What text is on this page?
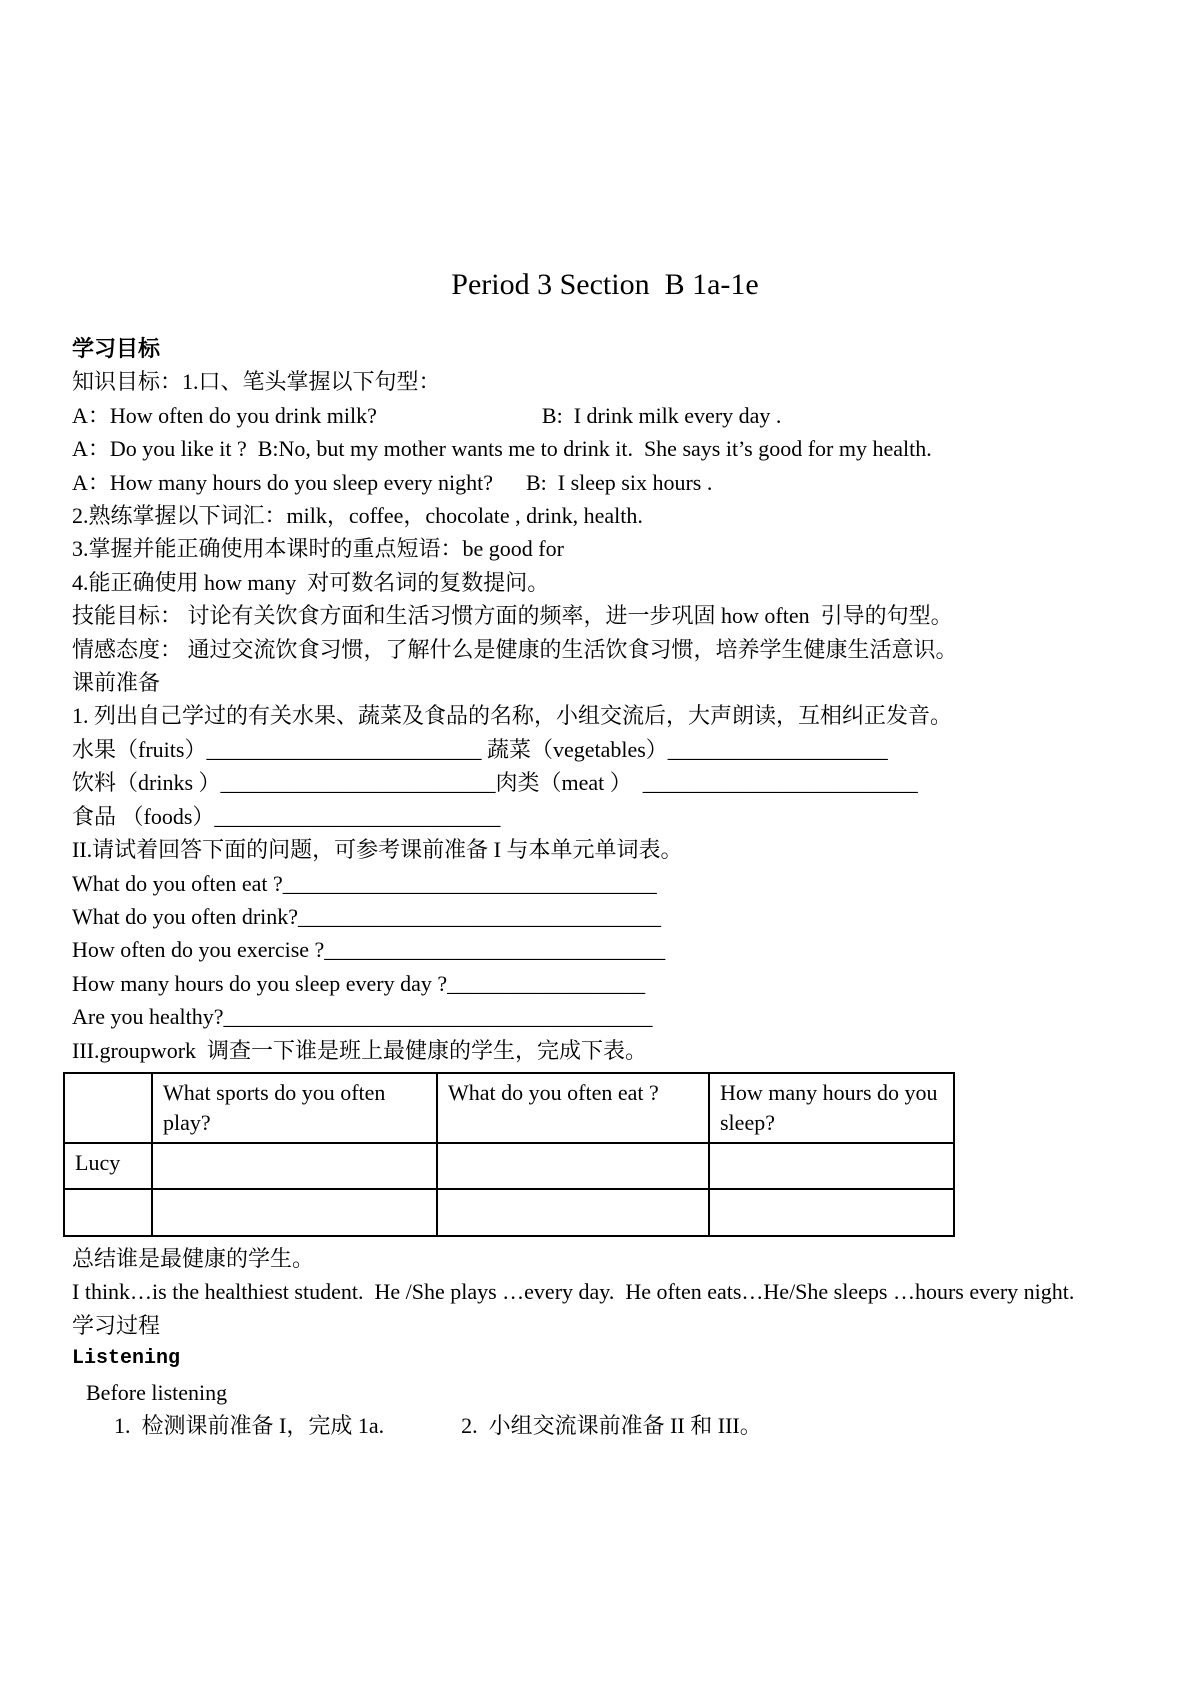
Period 3 Section  B 1a-1e

学习目标

知识目标：1.口、笔头掌握以下句型：

A：How often do you drink milk?                              B:  I drink milk every day .

A：Do you like it ?  B:No, but my mother wants me to drink it.  She says it’s good for my health.

A：How many hours do you sleep every night?      B:  I sleep six hours .

2.熟练掌握以下词汇：milk，coffee，chocolate , drink, health.

3.掌握并能正确使用本课时的重点短语：be good for

4.能正确使用 how many  对可数名词的复数提问。

技能目标： 讨论有关饮食方面和生活习惯方面的频率，进一步巩固 how often  引导的句型。

情感态度： 通过交流饮食习惯，了解什么是健康的生活饮食习惯，培养学生健康生活意识。

课前准备

1. 列出自己学过的有关水果、蔬菜及食品的名称，小组交流后，大声朗读，互相纠正发音。

水果（fruits）_________________________ 蔬菜（vegetables）____________________

饮料（drinks ）_________________________肉类（meat ）  _________________________

食品 （foods）__________________________

II.请试着回答下面的问题，可参考课前准备 I 与本单元单词表。

What do you often eat ?__________________________________

What do you often drink?_________________________________

How often do you exercise ?_______________________________

How many hours do you sleep every day ?__________________

Are you healthy?_______________________________________

III.groupwork  调查一下谁是班上最健康的学生，完成下表。

	What sports do you often play?	What do you often eat ?	How many hours do you sleep?
Lucy			

总结谁是最健康的学生。

I think…is the healthiest student.  He /She plays …every day.  He often eats…He/She sleeps …hours every night.

学习过程

Listening

Before listening

1.  检测课前准备 I，完成 1a.              2.  小组交流课前准备 II 和 III。
